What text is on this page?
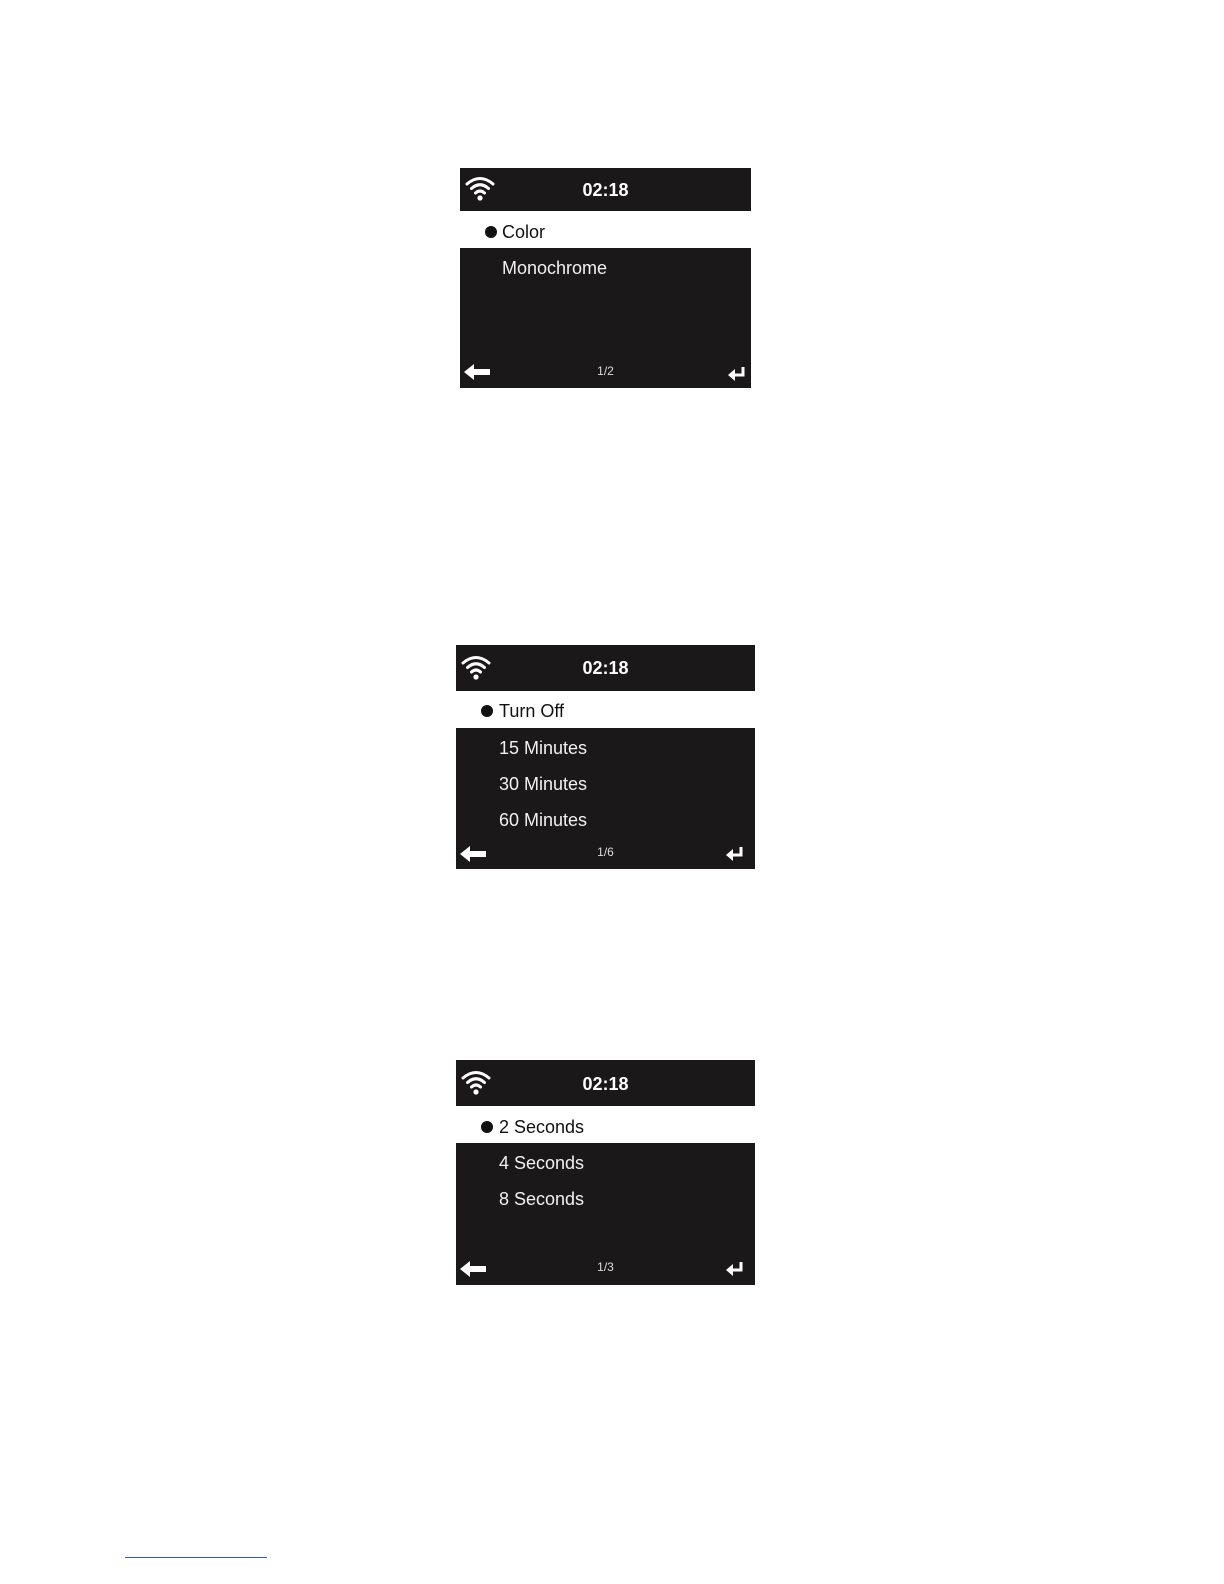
02:18
Color
Monochrome
1/2
02:18
Turn Off
15 Minutes
30 Minutes
60 Minutes
1/6
02:18
2 Seconds
4 Seconds
8 Seconds
1/3
